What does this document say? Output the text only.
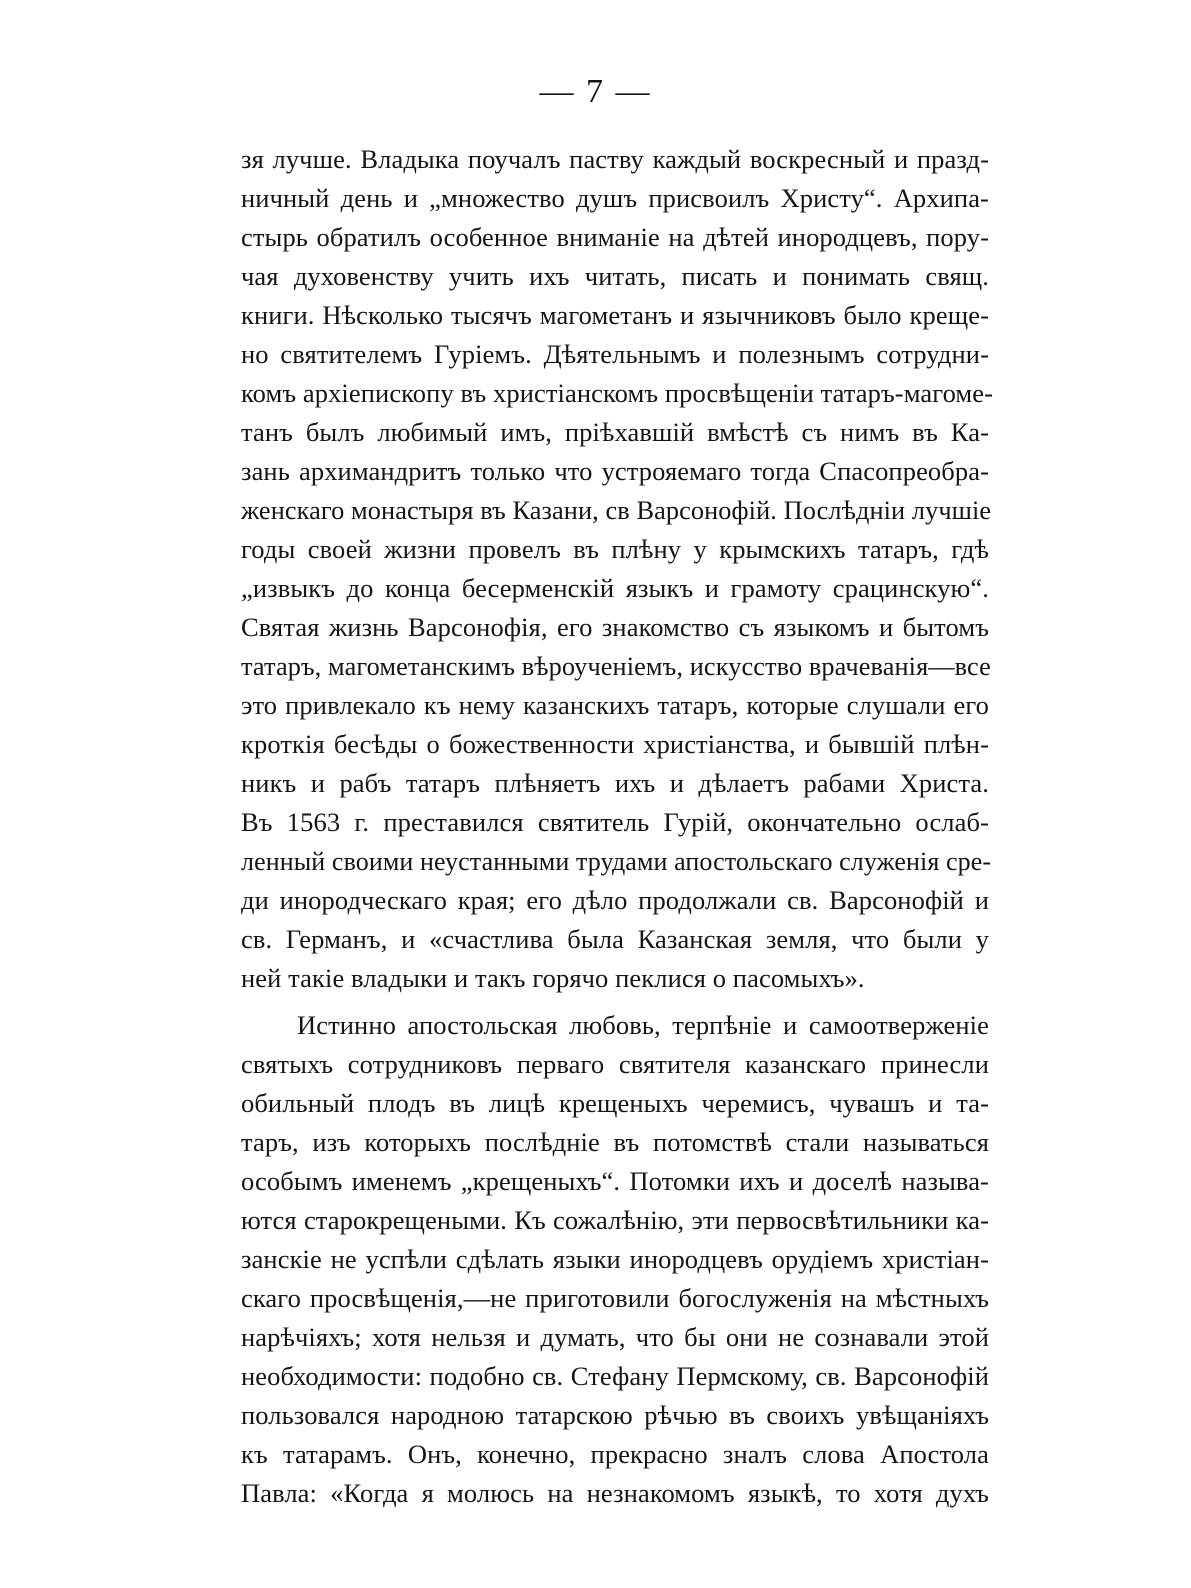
— 7 —
зя лучше. Владыка поучалъ паству каждый воскресный и празд-
ничный день и „множество душъ присвоилъ Христу“. Архипа-
стырь обратилъ особенное вниманіе на дѣтей инородцевъ, пору-
чая духовенству учить ихъ читать, писать и понимать свящ.
книги. Нѣсколько тысячъ магометанъ и язычниковъ было креще-
но святителемъ Гуріемъ. Дѣятельнымъ и полезнымъ сотрудни-
комъ архіепископу въ христіанскомъ просвѣщеніи татаръ-магоме-
танъ былъ любимый имъ, пріѣхавшій вмѣстѣ съ нимъ въ Ка-
зань архимандритъ только что устрояемаго тогда Спасопреобра-
женскаго монастыря въ Казани, св Варсонофій. Послѣдніи лучшіе
годы своей жизни провелъ въ плѣну у крымскихъ татаръ, гдѣ
„извыкъ до конца бесерменскій языкъ и грамоту срацинскую“.
Святая жизнь Варсонофія, его знакомство съ языкомъ и бытомъ
татаръ, магометанскимъ вѣроученіемъ, искусство врачеванія—все
это привлекало къ нему казанскихъ татаръ, которые слушали его
кроткія бесѣды о божественности христіанства, и бывшій плѣн-
никъ и рабъ татаръ плѣняетъ ихъ и дѣлаетъ рабами Христа.
Въ 1563 г. преставился святитель Гурій, окончательно ослаб-
ленный своими неустанными трудами апостольскаго служенія сре-
ди инородческаго края; его дѣло продолжали св. Варсонофій и
св. Германъ, и «счастлива была Казанская земля, что были у
ней такіе владыки и такъ горячо пеклися о пасомыхъ».
Истинно апостольская любовь, терпѣніе и самоотверженіе
святыхъ сотрудниковъ перваго святителя казанскаго принесли
обильный плодъ въ лицѣ крещеныхъ черемисъ, чувашъ и та-
таръ, изъ которыхъ послѣдніе въ потомствѣ стали называться
особымъ именемъ „крещеныхъ“. Потомки ихъ и доселѣ называ-
ются старокрещеными. Къ сожалѣнію, эти первосвѣтильники ка-
занскіе не успѣли сдѣлать языки инородцевъ орудіемъ христіан-
скаго просвѣщенія,—не приготовили богослуженія на мѣстныхъ
нарѣчіяхъ; хотя нельзя и думать, что бы они не сознавали этой
необходимости: подобно св. Стефану Пермскому, св. Варсонофій
пользовался народною татарскою рѣчью въ своихъ увѣщаніяхъ
къ татарамъ. Онъ, конечно, прекрасно зналъ слова Апостола
Павла: «Когда я молюсь на незнакомомъ языкѣ, то хотя духъ
